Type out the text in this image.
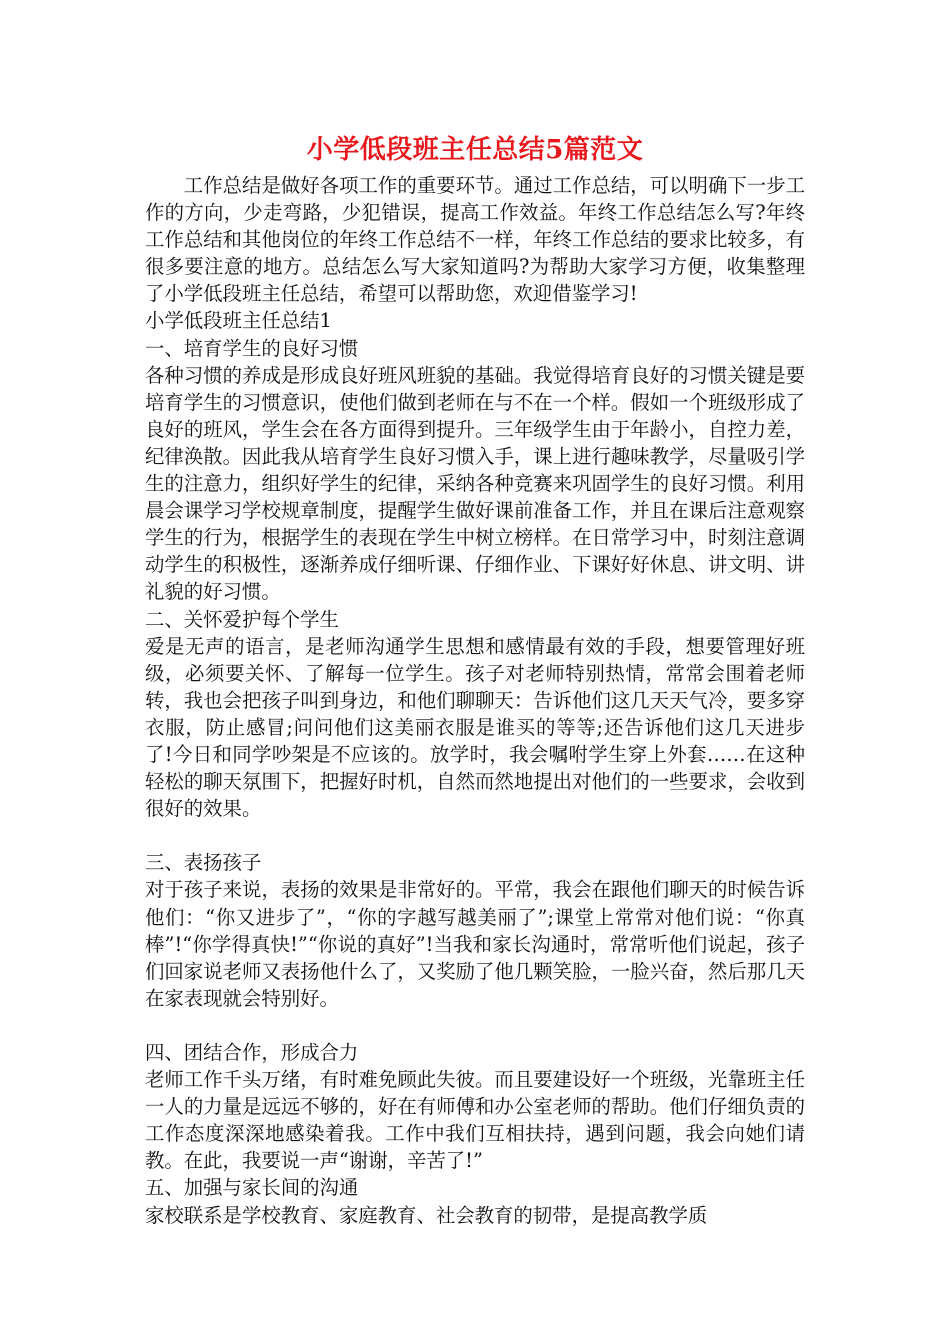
小学低段班主任总结5篇范文

工作总结是做好各项工作的重要环节。通过工作总结，可以明确下一步工作的方向，少走弯路，少犯错误，提高工作效益。年终工作总结怎么写?年终工作总结和其他岗位的年终工作总结不一样，年终工作总结的要求比较多，有很多要注意的地方。总结怎么写大家知道吗?为帮助大家学习方便，收集整理了小学低段班主任总结，希望可以帮助您，欢迎借鉴学习!

小学低段班主任总结1

一、培育学生的良好习惯

各种习惯的养成是形成良好班风班貌的基础。我觉得培育良好的习惯关键是要培育学生的习惯意识，使他们做到老师在与不在一个样。假如一个班级形成了良好的班风，学生会在各方面得到提升。三年级学生由于年龄小，自控力差，纪律涣散。因此我从培育学生良好习惯入手，课上进行趣味教学，尽量吸引学生的注意力，组织好学生的纪律，采纳各种竞赛来巩固学生的良好习惯。利用晨会课学习学校规章制度，提醒学生做好课前准备工作，并且在课后注意观察学生的行为，根据学生的表现在学生中树立榜样。在日常学习中，时刻注意调动学生的积极性，逐渐养成仔细听课、仔细作业、下课好好休息、讲文明、讲礼貌的好习惯。

二、关怀爱护每个学生

爱是无声的语言，是老师沟通学生思想和感情最有效的手段，想要管理好班级，必须要关怀、了解每一位学生。孩子对老师特别热情，常常会围着老师转，我也会把孩子叫到身边，和他们聊聊天：告诉他们这几天天气冷，要多穿衣服，防止感冒;问问他们这美丽衣服是谁买的等等;还告诉他们这几天进步了!今日和同学吵架是不应该的。放学时，我会嘱咐学生穿上外套……在这种轻松的聊天氛围下，把握好时机，自然而然地提出对他们的一些要求，会收到很好的效果。

三、表扬孩子

对于孩子来说，表扬的效果是非常好的。平常，我会在跟他们聊天的时候告诉他们：“你又进步了”，“你的字越写越美丽了”;课堂上常常对他们说：“你真棒”!“你学得真快!”“你说的真好”!当我和家长沟通时，常常听他们说起，孩子们回家说老师又表扬他什么了，又奖励了他几颗笑脸，一脸兴奋，然后那几天在家表现就会特别好。

四、团结合作，形成合力

老师工作千头万绪，有时难免顾此失彼。而且要建设好一个班级，光靠班主任一人的力量是远远不够的，好在有师傅和办公室老师的帮助。他们仔细负责的工作态度深深地感染着我。工作中我们互相扶持，遇到问题，我会向她们请教。在此，我要说一声“谢谢，辛苦了!”

五、加强与家长间的沟通

家校联系是学校教育、家庭教育、社会教育的韧带，是提高教学质
